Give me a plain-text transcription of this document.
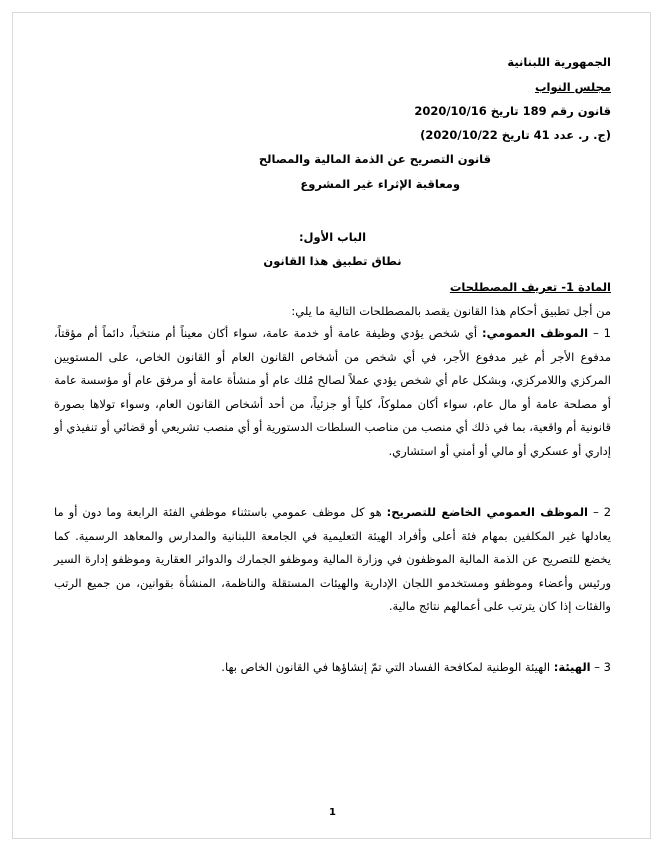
الجمهورية اللبنانية
مجلس النواب
قانون رقم 189 تاريخ 2020/10/16
(ج. ر. عدد 41 تاريخ 2020/10/22)
قانون التصريح عن الذمة المالية والمصالح
ومعاقبة الإثراء غير المشروع
الباب الأول:
نطاق تطبيق هذا القانون
المادة 1- تعريف المصطلحات
من أجل تطبيق أحكام هذا القانون يقصد بالمصطلحات التالية ما يلي:
1 – الموظف العمومي: أي شخص يؤدي وظيفة عامة أو خدمة عامة، سواء أكان معيناً أم منتخباً، دائماً أم مؤقتاً، مدفوع الأجر أم غير مدفوع الأجر، في أي شخص من أشخاص القانون العام أو القانون الخاص، على المستويين المركزي واللامركزي، وبشكل عام أي شخص يؤدي عملاً لصالح مُلك عام أو منشأة عامة أو مرفق عام أو مؤسسة عامة أو مصلحة عامة أو مال عام، سواء أكان مملوكاً، كلياً أو جزئياً، من أحد أشخاص القانون العام، وسواء تولاها بصورة قانونية أم واقعية، بما في ذلك أي منصب من مناصب السلطات الدستورية أو أي منصب تشريعي أو قضائي أو تنفيذي أو إداري أو عسكري أو مالي أو أمني أو استشاري.
2 – الموظف العمومي الخاضع للتصريح: هو كل موظف عمومي باستثناء موظفي الفئة الرابعة وما دون أو ما يعادلها غير المكلفين بمهام فئة أعلى وأفراد الهيئة التعليمية في الجامعة اللبنانية والمدارس والمعاهد الرسمية. كما يخضع للتصريح عن الذمة المالية الموظفون في وزارة المالية وموظفو الجمارك والدوائر العقارية وموظفو إدارة السير ورئيس وأعضاء وموظفو ومستخدمو اللجان الإدارية والهيئات المستقلة والناظمة، المنشأة بقوانين، من جميع الرتب والفئات إذا كان يترتب على أعمالهم نتائج مالية.
3 – الهيئة: الهيئة الوطنية لمكافحة الفساد التي تمّ إنشاؤها في القانون الخاص بها.
1
